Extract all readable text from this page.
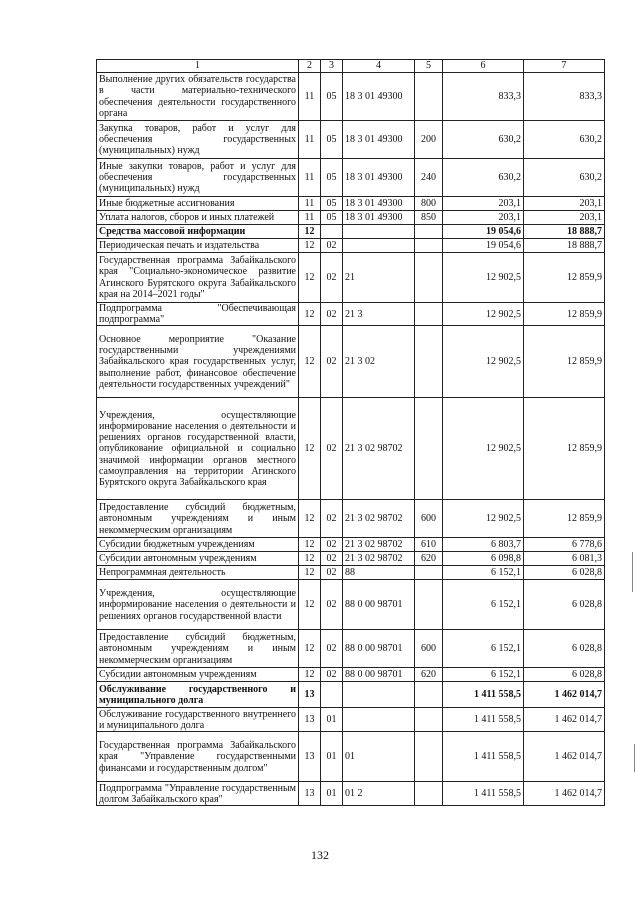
1	2	3	4	5	6	7
Выполнение других обязательств государства в части материально-технического обеспечения деятельности государственного органа	11	05	18 3 01 49300		833,3	833,3
Закупка товаров, работ и услуг для обеспечения государственных (муниципальных) нужд	11	05	18 3 01 49300	200	630,2	630,2
Иные закупки товаров, работ и услуг для обеспечения государственных (муниципальных) нужд	11	05	18 3 01 49300	240	630,2	630,2
Иные бюджетные ассигнования	11	05	18 3 01 49300	800	203,1	203,1
Уплата налогов, сборов и иных платежей	11	05	18 3 01 49300	850	203,1	203,1
Средства массовой информации	12				19 054,6	18 888,7
Периодическая печать и издательства	12	02			19 054,6	18 888,7
Государственная программа Забайкальского края "Социально-экономическое развитие Агинского Бурятского округа Забайкальского края на 2014–2021 годы"	12	02	21		12 902,5	12 859,9
Подпрограмма "Обеспечивающая подпрограмма"	12	02	21 3		12 902,5	12 859,9
Основное мероприятие "Оказание государственными учреждениями Забайкальского края государственных услуг, выполнение работ, финансовое обеспечение деятельности государственных учреждений"	12	02	21 3 02		12 902,5	12 859,9
Учреждения, осуществляющие информирование населения о деятельности и решениях органов государственной власти, опубликование официальной и социально значимой информации органов местного самоуправления на территории Агинского Бурятского округа Забайкальского края	12	02	21 3 02 98702		12 902,5	12 859,9
Предоставление субсидий бюджетным, автономным учреждениям и иным некоммерческим организациям	12	02	21 3 02 98702	600	12 902,5	12 859,9
Субсидии бюджетным учреждениям	12	02	21 3 02 98702	610	6 803,7	6 778,6
Субсидии автономным учреждениям	12	02	21 3 02 98702	620	6 098,8	6 081,3
Непрограммная деятельность	12	02	88		6 152,1	6 028,8
Учреждения, осуществляющие информирование населения о деятельности и решениях органов государственной власти	12	02	88 0 00 98701		6 152,1	6 028,8
Предоставление субсидий бюджетным, автономным учреждениям и иным некоммерческим организациям	12	02	88 0 00 98701	600	6 152,1	6 028,8
Субсидии автономным учреждениям	12	02	88 0 00 98701	620	6 152,1	6 028,8
Обслуживание государственного и муниципального долга	13				1 411 558,5	1 462 014,7
Обслуживание государственного внутреннего и муниципального долга	13	01			1 411 558,5	1 462 014,7
Государственная программа Забайкальского края "Управление государственными финансами и государственным долгом"	13	01	01		1 411 558,5	1 462 014,7
Подпрограмма "Управление государственным долгом Забайкальского края"	13	01	01 2		1 411 558,5	1 462 014,7
132
